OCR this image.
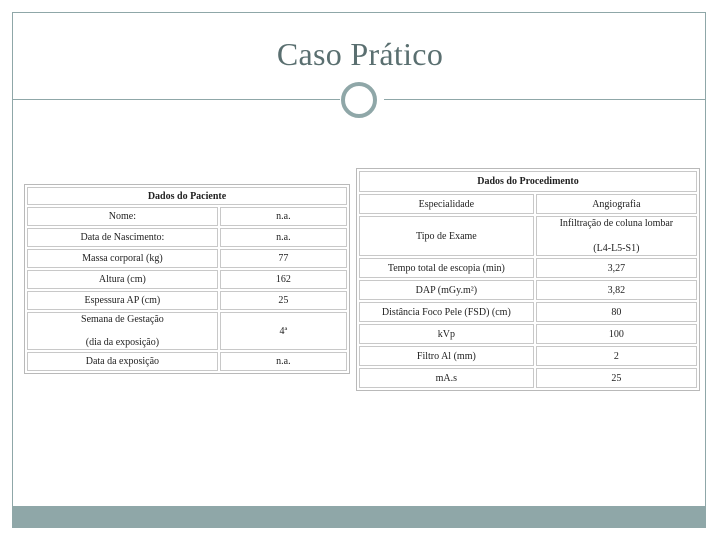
Caso Prático
Dados do Paciente	
Nome:	n.a.
Data de Nascimento:	n.a.
Massa corporal (kg)	77
Altura (cm)	162
Espessura AP (cm)	25

Semana de Gestação
(dia da exposição)	4ª
Data da exposição	n.a.
Dados do Procedimento	
Especialidade	Angiografia
Tipo de Exame	Infiltração de coluna lombar
(L4-L5-S1)

Tempo total de escopia (min)	3,27
DAP (mGy.m²)	3,82
Distância Foco Pele (FSD) (cm)	80
kVp	100
Filtro Al (mm)	2
mA.s	25
